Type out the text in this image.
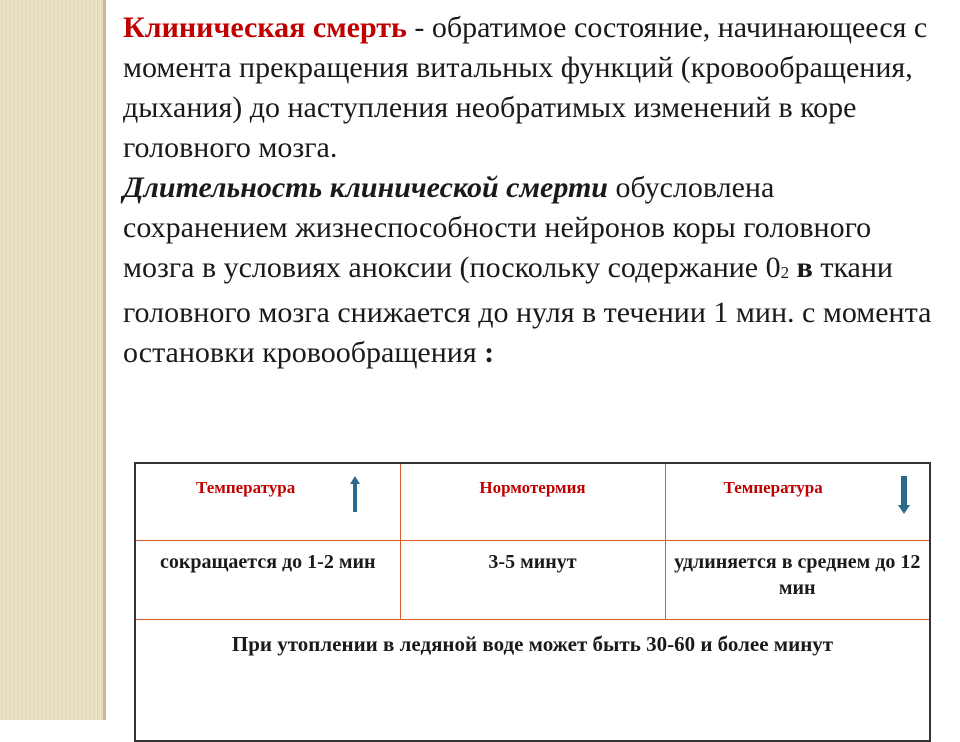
Клиническая смерть - обратимое состояние, начинающееся с момента прекращения витальных функций (кровообращения, дыхания) до наступления необратимых изменений в коре головного мозга.

Длительность клинической смерти обусловлена сохранением жизнеспособности нейронов коры головного мозга в условиях аноксии (поскольку содержание 02 в ткани головного мозга снижается до нуля в течении 1 мин. с момента остановки кровообращения :

Температура	Нормотермия	Температура

сокращается до 1-2 мин	3-5 минут	удлиняется в среднем до 12 мин
При утоплении в ледяной воде может быть 30-60 и более минут		
